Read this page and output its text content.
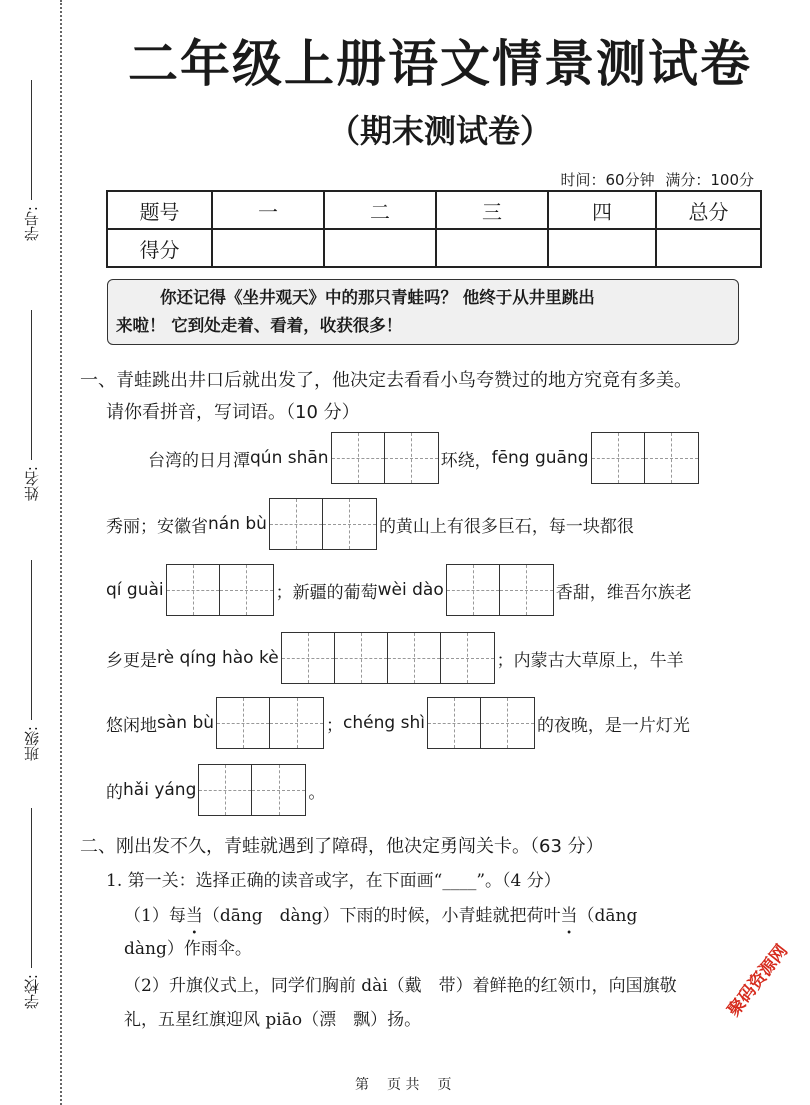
学号:
姓名:
班级:
学校:
二年级上册语文情景测试卷
（期末测试卷）
时间：60分钟 满分：100分
题号	一	二	三	四	总分
得分					
你还记得《坐井观天》中的那只青蛙吗？ 他终于从井里跳出
来啦！ 它到处走着、看着，收获很多！
一、青蛙跳出井口后就出发了，他决定去看看小鸟夸赞过的地方究竟有多美。
请你看拼音，写词语。（10 分）
台湾的日月潭 qún shān	环绕， fēng guāng
秀丽；安徽省 nán bù	的黄山上有很多巨石，每一块都很
qí guài	；新疆的葡萄 wèi dào	香甜，维吾尔族老
乡更是 rè qíng hào kè	；内蒙古大草原上，牛羊
悠闲地 sàn bù	； chéng shì	的夜晚，是一片灯光
的 hǎi yáng	。
二、刚出发不久，青蛙就遇到了障碍，他决定勇闯关卡。（63 分）
1. 第一关：选择正确的读音或字，在下面画“____”。（4 分）
（1）每当（dāng　dàng）下雨的时候，小青蛙就把荷叶当（dāng
dàng）作雨伞。
（2）升旗仪式上，同学们胸前 dài（戴　带）着鲜艳的红领巾，向国旗敬
礼，五星红旗迎风 piāo（漂　飘）扬。
第 页 共 页
聚码资源网
